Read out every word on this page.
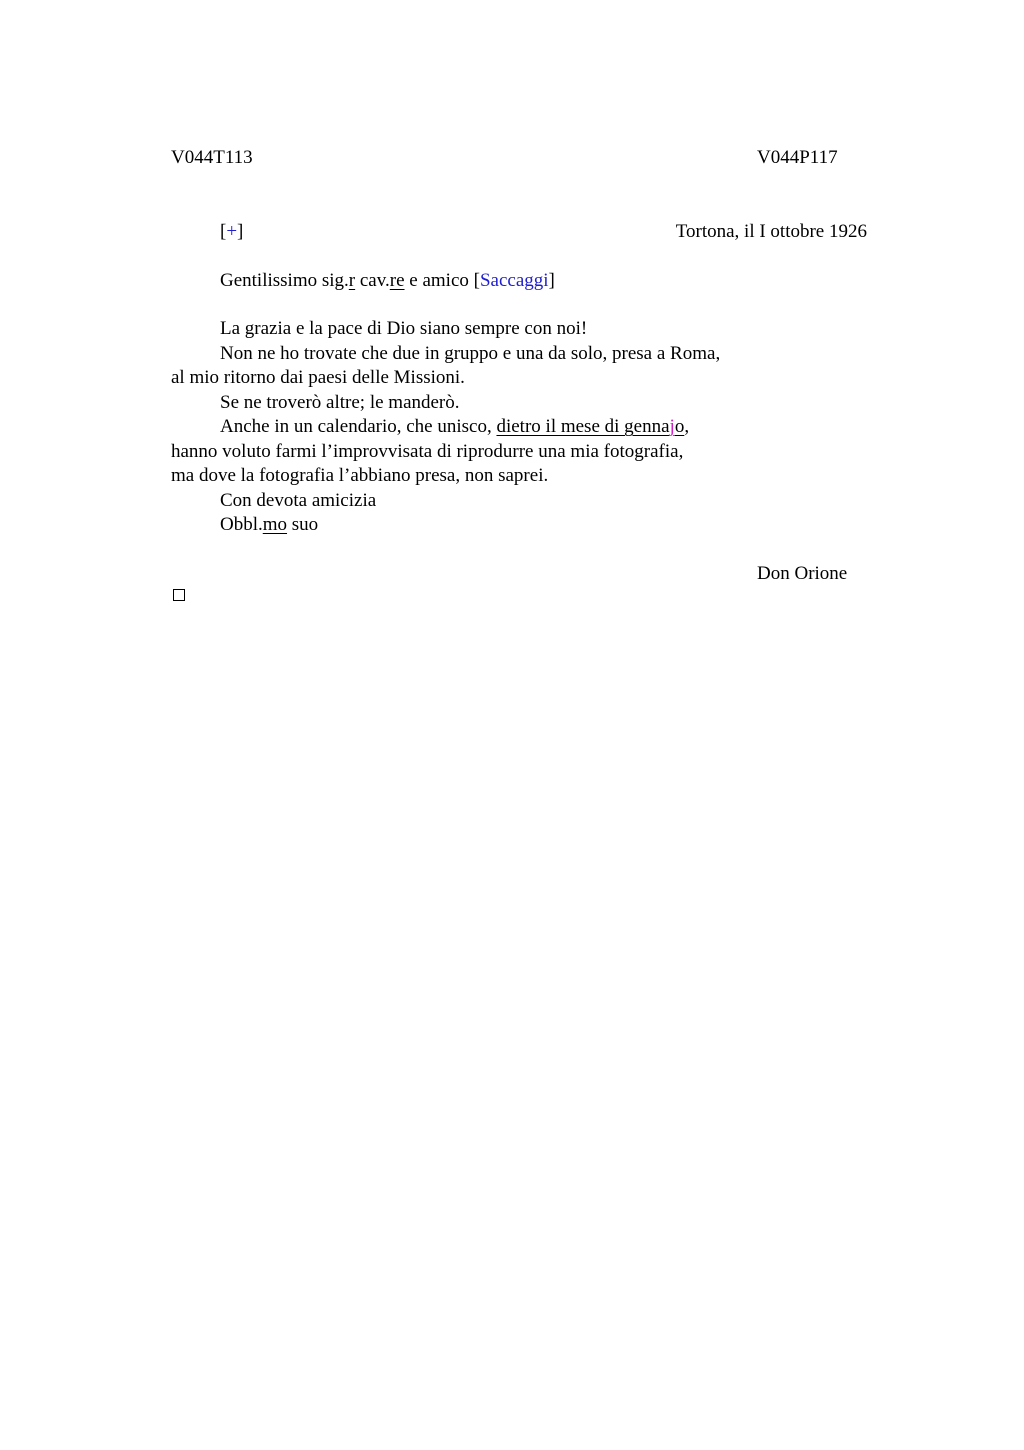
V044T113	V044P117
[+]	Tortona, il I ottobre 1926
Gentilissimo sig.r cav.re e amico [Saccaggi]
La grazia e la pace di Dio siano sempre con noi!
Non ne ho trovate che due in gruppo e una da solo, presa a Roma,
al mio ritorno dai paesi delle Missioni.
Se ne troverò altre; le manderò.
Anche in un calendario, che unisco, dietro il mese di gennajo,
hanno voluto farmi l’improvvisata di riprodurre una mia fotografia,
ma dove la fotografia l’abbiano presa, non saprei.
Con devota amicizia
Obbl.mo suo
Don Orione
